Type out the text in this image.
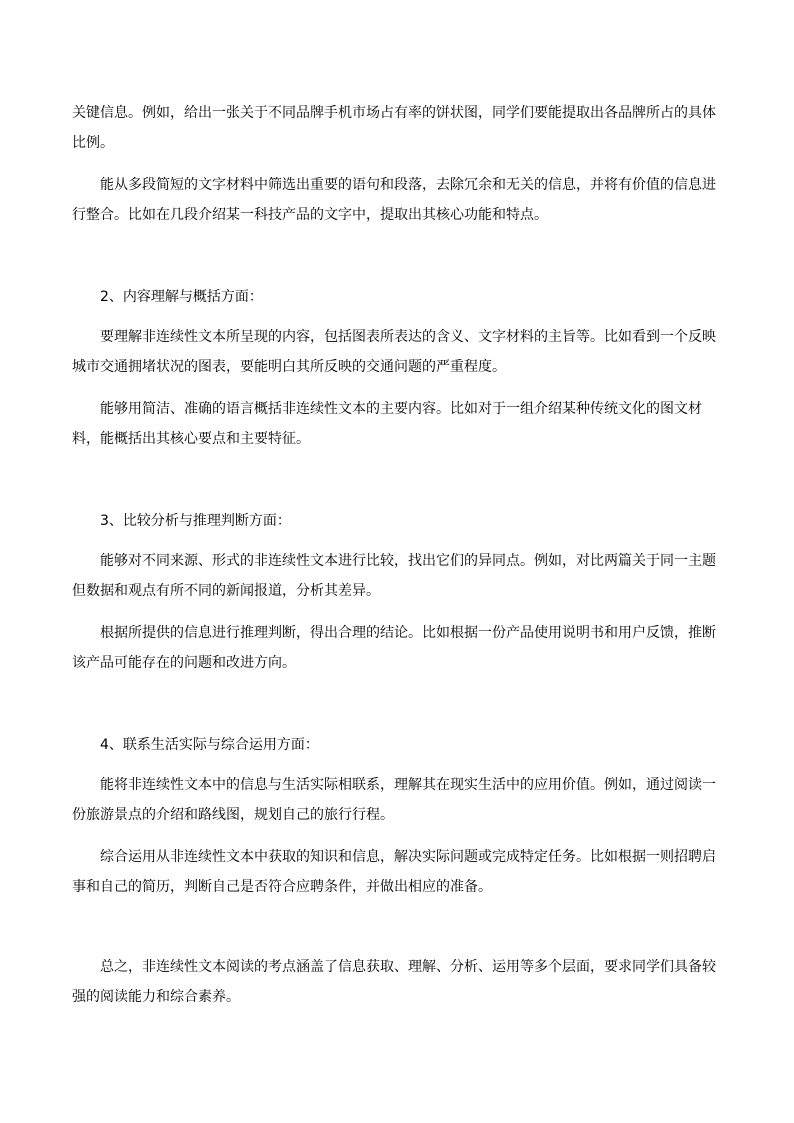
关键信息。例如，给出一张关于不同品牌手机市场占有率的饼状图，同学们要能提取出各品牌所占的具体比例。

能从多段简短的文字材料中筛选出重要的语句和段落，去除冗余和无关的信息，并将有价值的信息进行整合。比如在几段介绍某一科技产品的文字中，提取出其核心功能和特点。

2、内容理解与概括方面：

要理解非连续性文本所呈现的内容，包括图表所表达的含义、文字材料的主旨等。比如看到一个反映城市交通拥堵状况的图表，要能明白其所反映的交通问题的严重程度。

能够用简洁、准确的语言概括非连续性文本的主要内容。比如对于一组介绍某种传统文化的图文材料，能概括出其核心要点和主要特征。

3、比较分析与推理判断方面：

能够对不同来源、形式的非连续性文本进行比较，找出它们的异同点。例如，对比两篇关于同一主题但数据和观点有所不同的新闻报道，分析其差异。

根据所提供的信息进行推理判断，得出合理的结论。比如根据一份产品使用说明书和用户反馈，推断该产品可能存在的问题和改进方向。

4、联系生活实际与综合运用方面：

能将非连续性文本中的信息与生活实际相联系，理解其在现实生活中的应用价值。例如，通过阅读一份旅游景点的介绍和路线图，规划自己的旅行行程。

综合运用从非连续性文本中获取的知识和信息，解决实际问题或完成特定任务。比如根据一则招聘启事和自己的简历，判断自己是否符合应聘条件，并做出相应的准备。

总之，非连续性文本阅读的考点涵盖了信息获取、理解、分析、运用等多个层面，要求同学们具备较强的阅读能力和综合素养。
